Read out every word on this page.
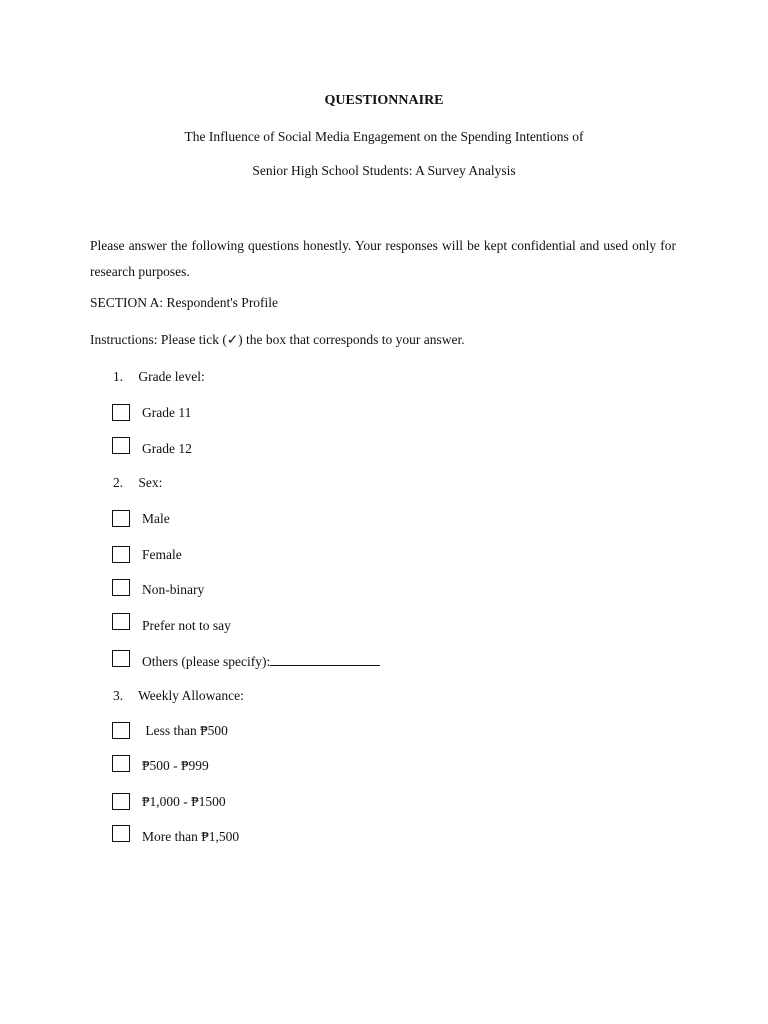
QUESTIONNAIRE
The Influence of Social Media Engagement on the Spending Intentions of
Senior High School Students: A Survey Analysis
Please answer the following questions honestly. Your responses will be kept confidential and used only for research purposes.
SECTION A: Respondent's Profile
Instructions: Please tick (✓) the box that corresponds to your answer.
1. Grade level:
Grade 11
Grade 12
2. Sex:
Male
Female
Non-binary
Prefer not to say
Others (please specify):
3. Weekly Allowance:
Less than ₱500
₱500 - ₱999
₱1,000 - ₱1500
More than ₱1,500
